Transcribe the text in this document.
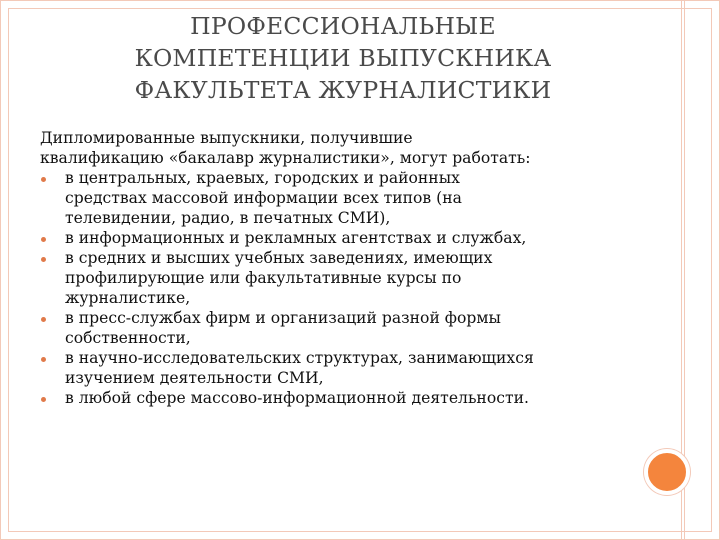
ПРОФЕССИОНАЛЬНЫЕ
КОМПЕТЕНЦИИ ВЫПУСКНИКА
ФАКУЛЬТЕТА ЖУРНАЛИСТИКИ

Дипломированные выпускники, получившие
квалификацию «бакалавр журналистики», могут работать:

в центральных, краевых, городских и районных
средствах массовой информации всех типов (на
телевидении, радио, в печатных СМИ),
в информационных и рекламных агентствах и службах,
в средних и высших учебных заведениях, имеющих
профилирующие или факультативные курсы по
журналистике,
в пресс-службах фирм и организаций разной формы
собственности,
в научно-исследовательских структурах, занимающихся
изучением деятельности СМИ,
в любой сфере массово-информационной деятельности.
